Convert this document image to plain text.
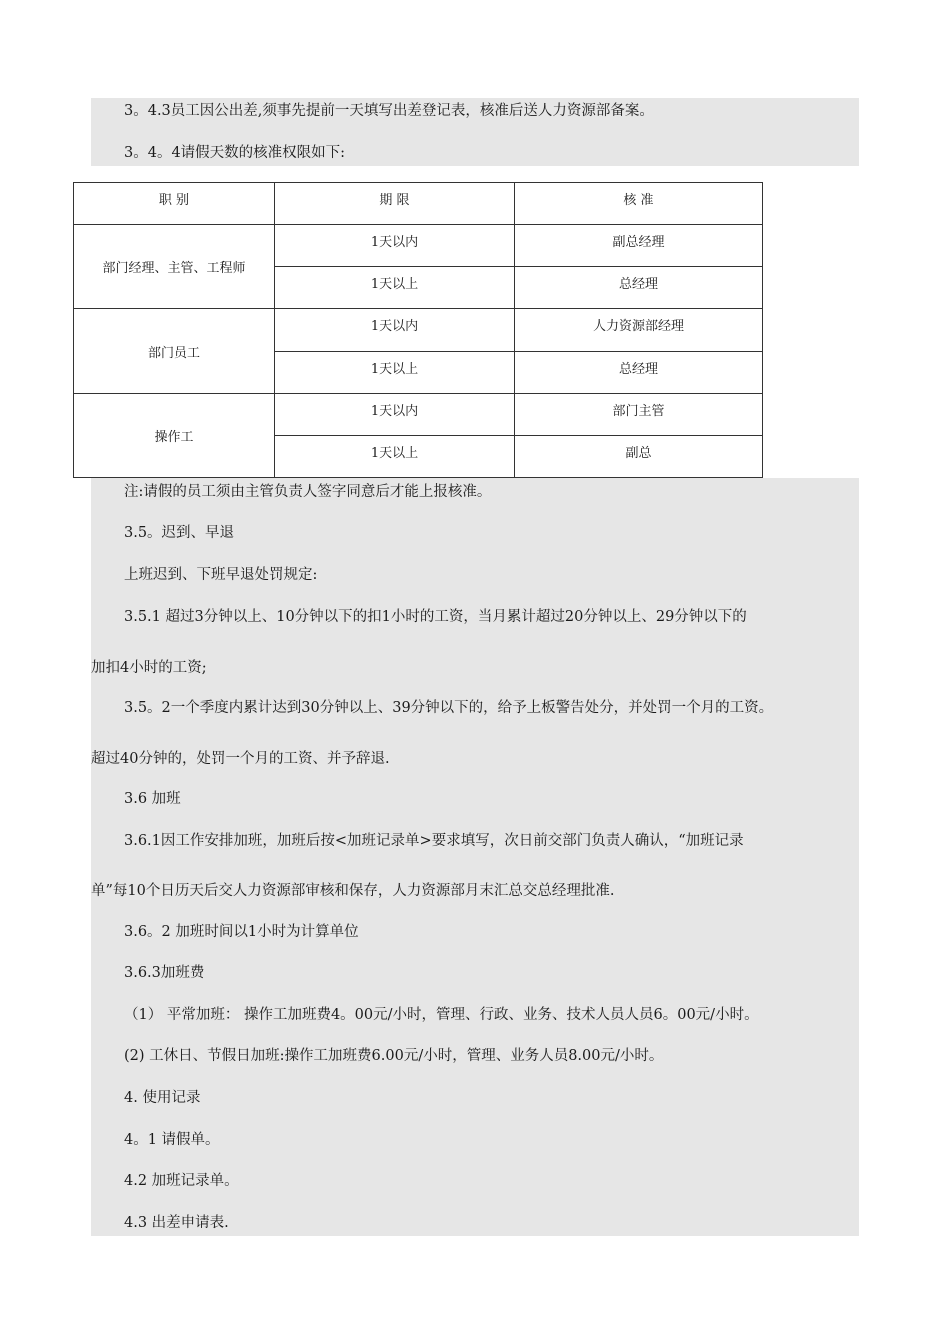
3。4.3员工因公出差,须事先提前一天填写出差登记表，核准后送人力资源部备案。
3。4。4请假天数的核准权限如下:
职 别	期 限	核 准
部门经理、主管、工程师	1天以内	副总经理
	1天以上	总经理
部门员工	1天以内	人力资源部经理
	1天以上	总经理
操作工	1天以内	部门主管
	1天以上	副总
注:请假的员工须由主管负责人签字同意后才能上报核准。
3.5。迟到、早退
上班迟到、下班早退处罚规定:
3.5.1 超过3分钟以上、10分钟以下的扣1小时的工资，当月累计超过20分钟以上、29分钟以下的
加扣4小时的工资;
3.5。2一个季度内累计达到30分钟以上、39分钟以下的，给予上板警告处分，并处罚一个月的工资。
超过40分钟的，处罚一个月的工资、并予辞退.
3.6 加班
3.6.1因工作安排加班，加班后按<加班记录单>要求填写，次日前交部门负责人确认，“加班记录
单”每10个日历天后交人力资源部审核和保存，人力资源部月末汇总交总经理批准.
3.6。2 加班时间以1小时为计算单位
3.6.3加班费
（1） 平常加班： 操作工加班费4。00元/小时，管理、行政、业务、技术人员人员6。00元/小时。
(2) 工休日、节假日加班:操作工加班费6.00元/小时，管理、业务人员8.00元/小时。
4. 使用记录
4。1 请假单。
4.2 加班记录单。
4.3 出差申请表.
